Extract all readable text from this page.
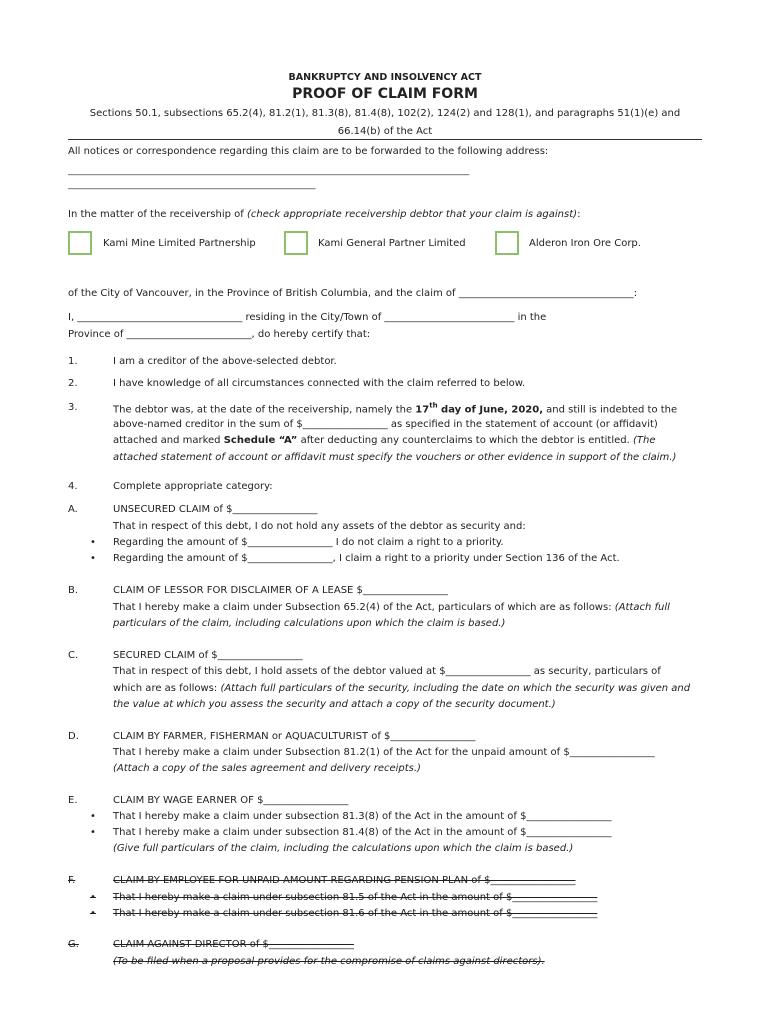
BANKRUPTCY AND INSOLVENCY ACT
PROOF OF CLAIM FORM
Sections 50.1, subsections 65.2(4), 81.2(1), 81.3(8), 81.4(8), 102(2), 124(2) and 128(1), and paragraphs 51(1)(e) and
66.14(b) of the Act
All notices or correspondence regarding this claim are to be forwarded to the following address:
___________________________________________________________________________________________________
_____________________________________________________________
In the matter of the receivership of (check appropriate receivership debtor that your claim is against):
Kami Mine Limited Partnership	Kami General Partner Limited	Alderon Iron Ore Corp.
of the City of Vancouver, in the Province of British Columbia, and the claim of ___________________________________:
I, _________________________________ residing in the City/Town of __________________________ in the
Province of _________________________, do hereby certify that:
1.	I am a creditor of the above-selected debtor.
2.	I have knowledge of all circumstances connected with the claim referred to below.
3.	The debtor was, at the date of the receivership, namely the 17th day of June, 2020, and still is indebted to the
above-named creditor in the sum of $_________________ as specified in the statement of account (or affidavit)
attached and marked Schedule “A” after deducting any counterclaims to which the debtor is entitled. (The
attached statement of account or affidavit must specify the vouchers or other evidence in support of the claim.)
4.	Complete appropriate category:
A.	UNSECURED CLAIM of $_________________
That in respect of this debt, I do not hold any assets of the debtor as security and:
• Regarding the amount of $_________________ I do not claim a right to a priority.
• Regarding the amount of $_________________, I claim a right to a priority under Section 136 of the Act.
B.	CLAIM OF LESSOR FOR DISCLAIMER OF A LEASE $_________________
That I hereby make a claim under Subsection 65.2(4) of the Act, particulars of which are as follows: (Attach full
particulars of the claim, including calculations upon which the claim is based.)
C.	SECURED CLAIM of $_________________
That in respect of this debt, I hold assets of the debtor valued at $_________________ as security, particulars of
which are as follows: (Attach full particulars of the security, including the date on which the security was given and
the value at which you assess the security and attach a copy of the security document.)
D.	CLAIM BY FARMER, FISHERMAN or AQUACULTURIST of $_________________
That I hereby make a claim under Subsection 81.2(1) of the Act for the unpaid amount of $_________________
(Attach a copy of the sales agreement and delivery receipts.)
E.	CLAIM BY WAGE EARNER OF $_________________
• That I hereby make a claim under subsection 81.3(8) of the Act in the amount of $_________________
• That I hereby make a claim under subsection 81.4(8) of the Act in the amount of $_________________
(Give full particulars of the claim, including the calculations upon which the claim is based.)
F.	CLAIM BY EMPLOYEE FOR UNPAID AMOUNT REGARDING PENSION PLAN of $_________________
• That I hereby make a claim under subsection 81.5 of the Act in the amount of $_________________
• That I hereby make a claim under subsection 81.6 of the Act in the amount of $_________________
G.	CLAIM AGAINST DIRECTOR of $_________________
(To be filed when a proposal provides for the compromise of claims against directors).
